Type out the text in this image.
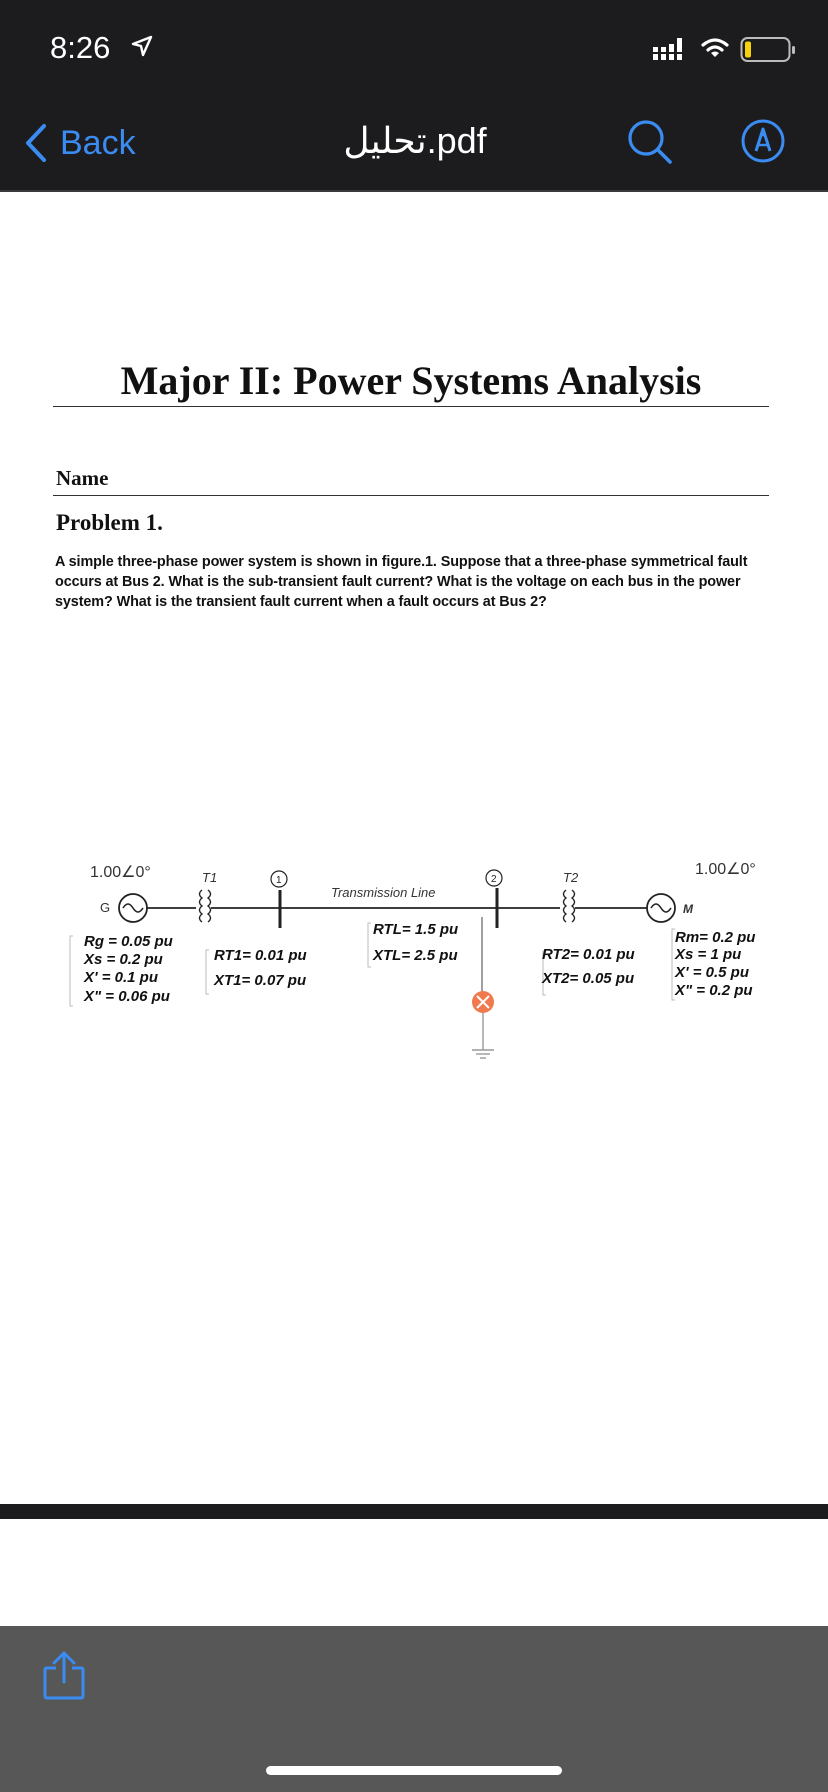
8:26
Back	تحليل.pdf
Major II: Power Systems Analysis
Name
Problem 1.
A simple three-phase power system is shown in figure.1. Suppose that a three-phase symmetrical fault occurs at Bus 2. What is the sub-transient fault current? What is the voltage on each bus in the power system? What is the transient fault current when a fault occurs at Bus 2?
1.00∠0°	1.00∠0°
G
T1	1
Transmission Line
2	T2
M
Rg = 0.05 pu
Xs = 0.2 pu
X' = 0.1 pu
X" = 0.06 pu
RT1= 0.01 pu
XT1= 0.07 pu
RTL= 1.5 pu
XTL= 2.5 pu	RT2= 0.01 pu
XT2= 0.05 pu
Rm= 0.2 pu
Xs = 1 pu
X' = 0.5 pu
X" = 0.2 pu
